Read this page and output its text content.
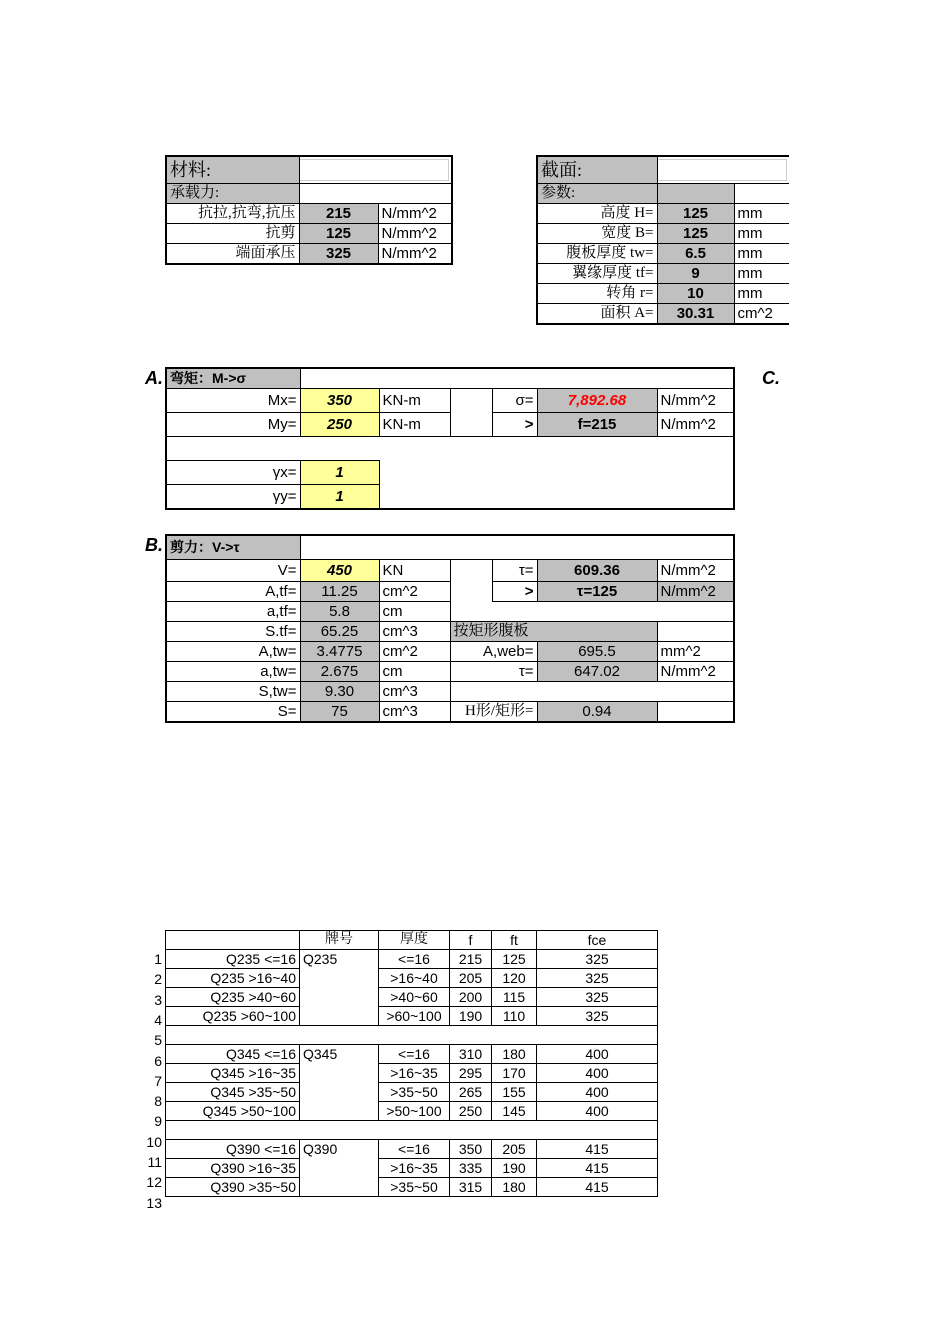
材料:		

承载力:		
抗拉,抗弯,抗压	215	N/mm^2
抗剪	125	N/mm^2
端面承压	325	N/mm^2
截面:		

参数:		
高度 H=	125	mm
宽度 B=	125	mm
腹板厚度 tw=	6.5	mm
翼缘厚度 tf=	9	mm
转角 r=	10	mm
面积 A=	30.31	cm^2
A.	C.
弯矩：M->σ						
Mx=	350	KN-m		σ=	7,892.68	N/mm^2
My=	250	KN-m		>	f=215	N/mm^2

γx=	1					
γy=	1					
B. 剪力：V->τ						
V=	450	KN		τ=	609.36	N/mm^2
A,tf=	11.25	cm^2		>	τ=125	N/mm^2
a,tf=	5.8	cm				
S.tf=	65.25	cm^3	按矩形腹板			
A,tw=	3.4775	cm^2	A,web=		695.5	mm^2
a,tw=	2.675	cm	τ=		647.02	N/mm^2
S,tw=	9.30	cm^3				
S=	75	cm^3	H形/矩形=		0.94	
	牌号	厚度	f	ft	fce
Q235 <=16	Q235	<=16	215	125	325
Q235 >16~40		>16~40	205	120	325
Q235 >40~60		>40~60	200	115	325
Q235 >60~100		>60~100	190	110	325

Q345 <=16	Q345	<=16	310	180	400
Q345 >16~35		>16~35	295	170	400
Q345 >35~50		>35~50	265	155	400
Q345 >50~100		>50~100	250	145	400

Q390 <=16	Q390	<=16	350	205	415
Q390 >16~35		>16~35	335	190	415
Q390 >35~50		>35~50	315	180	415
1
2
3
4
5
6
7
8
9
10
11
12
13
